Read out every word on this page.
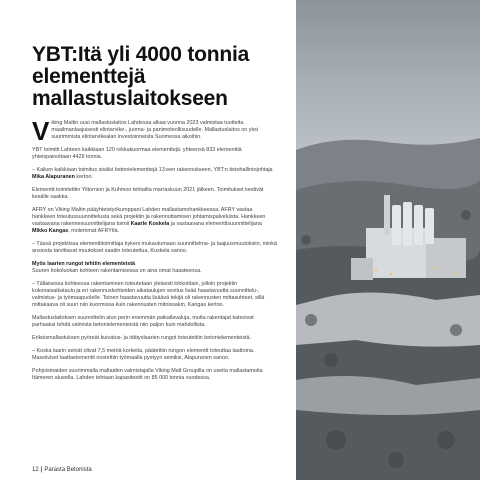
YBT:Itä yli 4000 tonnia
elementtejä
mallastuslaitokseen

Viking Maltin uusi mallastuslaitos Lahdessa alkaa vuonna 2023 valmistaa tuotteita maailmanlaajuisesti elintarvike-, juoma- ja panimoteollisuudelle. Mallastuslaitos on yksi suurimmista elintarvikealan investoinneista Suomessa aikoihin.

YBT toimitti Lahteen kaikkiaan 120 rekkakuormaa elementtejä: yhteensä 832 elementtiä yhteispainoltaan 4429 tonnia.

– Kaiken kaikkiaan toimitus sisälsi betonielementtejä 13:een rakennukseen, YBT:n tietohallintojohtaja Mika Alapuranen kertoo.

Elementit toimitettiin Ylitornion ja Kuhmon tehtailta marraskuun 2021 jälkeen. Toimitukset kestivät kesälle saakka.

AFRY on Viking Maltin pääyhteistyökumppani Lahden mallastamohankkeessa. AFRY vastaa hankkeen toteutussuunnittelusta sekä projektin ja rakennuttamisen johtamispalveluista. Hankkeen vastaavana rakennesuunnittelijana toimii Kaarle Koskela ja vastaavana elementtisuunnittelijana Mikko Kangas, molemmat AFRYltä.

– Tässä projektissa elementtitoimittaja kykeni mukautumaan suunnittelma- ja laajuusmuutoksiin, minkä ansiosta tarvittavat muutokset saatiin toteutettua, Koskela sanoo.

Myös laarien rungot tehtiin elementeistä

Suuren kokoluokan kohteen rakentamisessa on aina omat haasteensa.

– Tällaisessa kohteessa rakentaminen toteutetaan yleisesti lohkoittain, jolloin projektin kokonaisaikataulu ja eri rakennuskohteiden aikataulujen sovitus lisää haastavuutta suunnittelu-, valmistus- ja työmaapuolelle. Toinen haastavuutta lisäävä tekijä oli rakennusten mittasuhteet, sillä mittakaava oli suuri niin kuormissa kuin rakennusten mitoissakin, Kangas kertoo.

Mallastuslaitoksen suunnittelin alun perin enemmän paikallavaluja, mutta rakentajat katsoivat parhaaksi tehdä valmista betonielementeistä niin paljon kuin mahdollista.

Erikoismallastuksen pyöreät kuivatus- ja idätyslaarien rungot toteutettiin betonielementeistä.

– Koska laarin seinät olivat 7,5 metriä korkeita, päätettiin rungon elementit toteuttaa laattoina. Massiiviset laattaelementit nostettiin työmaalla pystyyn seiniksi, Alapuranen sanoo.

Pohjoismaiden suurimmalla maltaiden valmistajalla Viking Malt Groupilla on useita mallastamoita Itämeren alueella. Lahden tehtaan kapasiteetti on 85 000 tonnia vuodessa.

12 | Parasta Betonista
